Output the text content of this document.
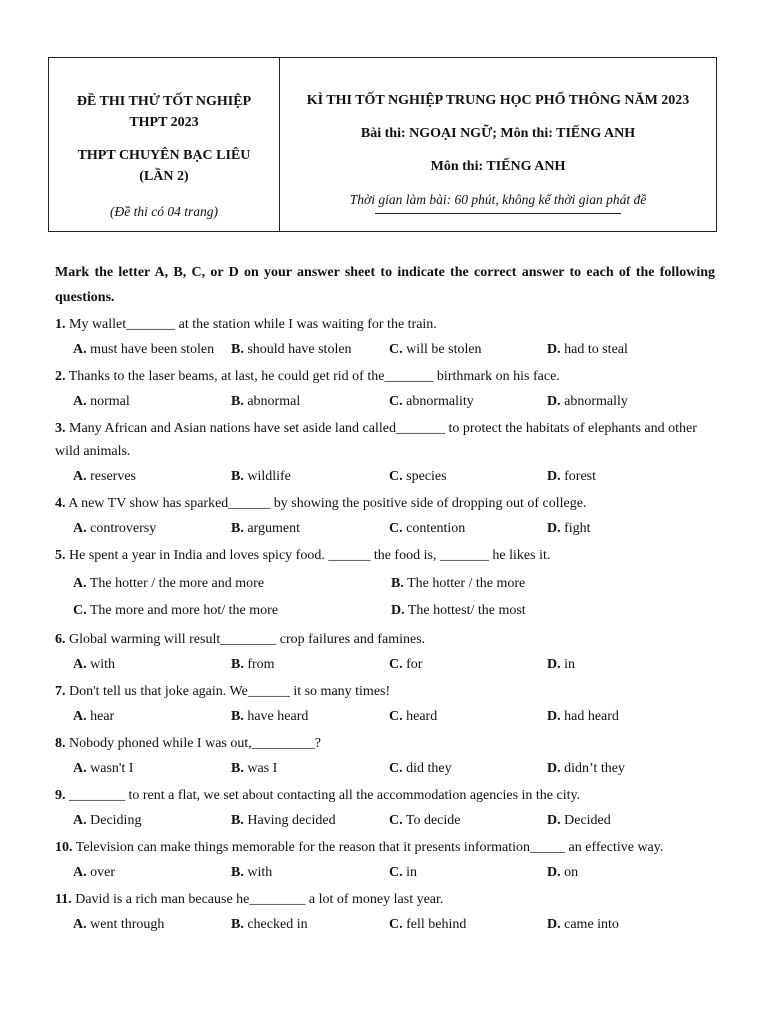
ĐỀ THI THỬ TỐT NGHIỆP
THPT 2023
THPT CHUYÊN BẠC LIÊU
(LẦN 2)
(Đề thi có 04 trang)
KÌ THI TỐT NGHIỆP TRUNG HỌC PHỔ THÔNG NĂM 2023
Bài thi: NGOẠI NGỮ; Môn thi: TIẾNG ANH
Môn thi: TIẾNG ANH
Thời gian làm bài: 60 phút, không kể thời gian phát đề
Mark the letter A, B, C, or D on your answer sheet to indicate the correct answer to each of the following questions.
1. My wallet_______ at the station while I was waiting for the train.
A. must have been stolen	B. should have stolen	C. will be stolen	D. had to steal
2. Thanks to the laser beams, at last, he could get rid of the_______ birthmark on his face.
A. normal	B. abnormal	C. abnormality	D. abnormally
3. Many African and Asian nations have set aside land called_______ to protect the habitats of elephants and other wild animals.
A. reserves	B. wildlife	C. species	D. forest
4. A new TV show has sparked______ by showing the positive side of dropping out of college.
A. controversy	B. argument	C. contention	D. fight
5. He spent a year in India and loves spicy food. ______ the food is, _______ he likes it.
A. The hotter / the more and more	B. The hotter / the more
C. The more and more hot/ the more	D. The hottest/ the most
6. Global warming will result________ crop failures and famines.
A. with	B. from	C. for	D. in
7. Don't tell us that joke again. We______ it so many times!
A. hear	B. have heard	C. heard	D. had heard
8. Nobody phoned while I was out,_________?
A. wasn't I	B. was I	C. did they	D. didn’t they
9. ________ to rent a flat, we set about contacting all the accommodation agencies in the city.
A. Deciding	B. Having decided	C. To decide	D. Decided
10. Television can make things memorable for the reason that it presents information_____ an effective way.
A. over	B. with	C. in	D. on
11. David is a rich man because he________ a lot of money last year.
A. went through	B. checked in	C. fell behind	D. came into
